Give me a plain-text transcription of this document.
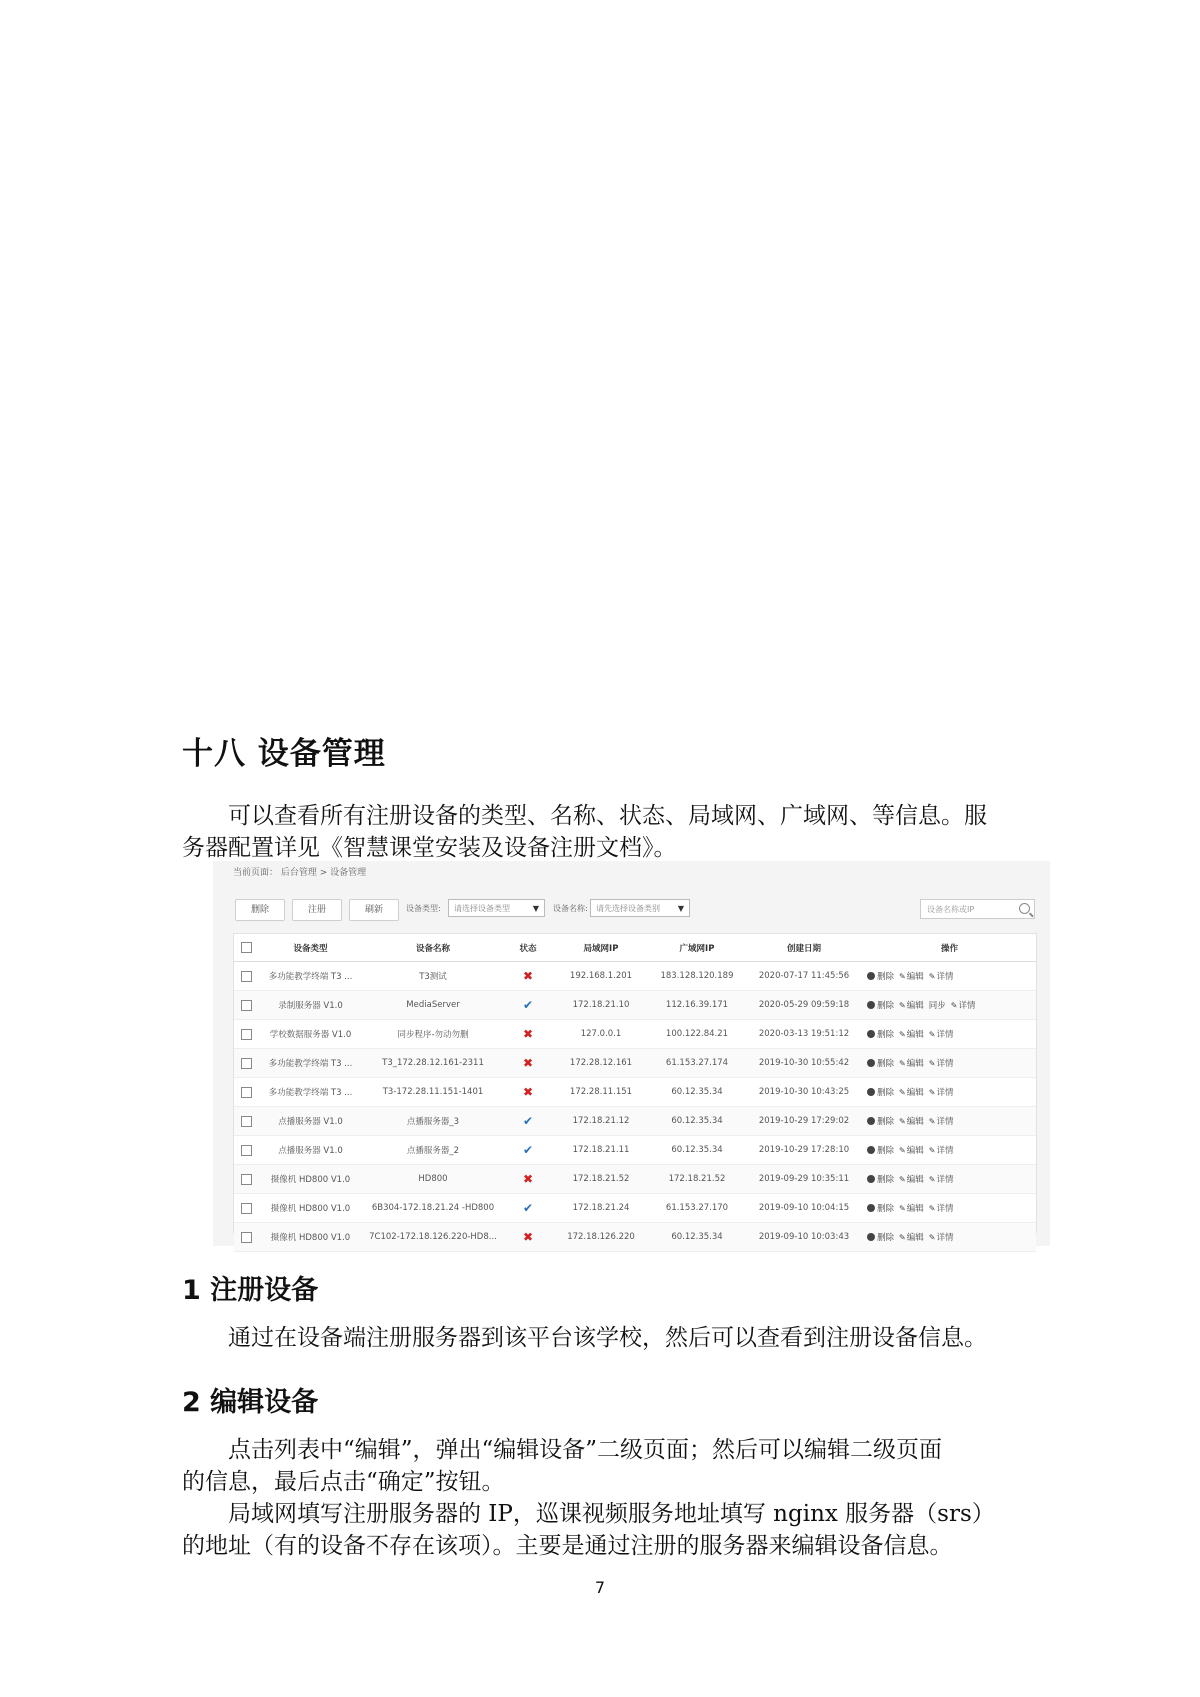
十八 设备管理
可以查看所有注册设备的类型、名称、状态、局域网、广域网、等信息。服
务器配置详见《智慧课堂安装及设备注册文档》。
当前页面： 后台管理 > 设备管理
删除	注册	刷新	设备类型:	请选择设备类型	▼ 设备名称:	请先选择设备类别 ▼	设备名称或IP
	设备类型	设备名称	状态	局域网IP	广域网IP	创建日期	操作
	多功能教学终端 T3 ...	T3测试	✖	192.168.1.201	183.128.120.189	2020-07-17 11:45:56	删除 ✎ 编辑 ✎ 详情
	录制服务器 V1.0	MediaServer	✔	172.18.21.10	112.16.39.171	2020-05-29 09:59:18	删除 ✎ 编辑 同步 ✎ 详情
	学校数据服务器 V1.0	同步程序-勿动勿删	✖	127.0.0.1	100.122.84.21	2020-03-13 19:51:12	删除 ✎ 编辑 ✎ 详情
	多功能教学终端 T3 ...	T3_172.28.12.161-2311	✖	172.28.12.161	61.153.27.174	2019-10-30 10:55:42	删除 ✎ 编辑 ✎ 详情
	多功能教学终端 T3 ...	T3-172.28.11.151-1401	✖	172.28.11.151	60.12.35.34	2019-10-30 10:43:25	删除 ✎ 编辑 ✎ 详情
	点播服务器 V1.0	点播服务器_3	✔	172.18.21.12	60.12.35.34	2019-10-29 17:29:02	删除 ✎ 编辑 ✎ 详情
	点播服务器 V1.0	点播服务器_2	✔	172.18.21.11	60.12.35.34	2019-10-29 17:28:10	删除 ✎ 编辑 ✎ 详情
	摄像机 HD800 V1.0	HD800	✖	172.18.21.52	172.18.21.52	2019-09-29 10:35:11	删除 ✎ 编辑 ✎ 详情
	摄像机 HD800 V1.0	6B304-172.18.21.24 -HD800	✔	172.18.21.24	61.153.27.170	2019-09-10 10:04:15	删除 ✎ 编辑 ✎ 详情
	摄像机 HD800 V1.0	7C102-172.18.126.220-HD8...	✖	172.18.126.220	60.12.35.34	2019-09-10 10:03:43	删除 ✎ 编辑 ✎ 详情
1 注册设备
通过在设备端注册服务器到该平台该学校，然后可以查看到注册设备信息。
2 编辑设备
点击列表中“编辑”，弹出“编辑设备”二级页面；然后可以编辑二级页面
的信息，最后点击“确定”按钮。
局域网填写注册服务器的 IP，巡课视频服务地址填写 nginx 服务器（srs）
的地址（有的设备不存在该项）。主要是通过注册的服务器来编辑设备信息。
7
